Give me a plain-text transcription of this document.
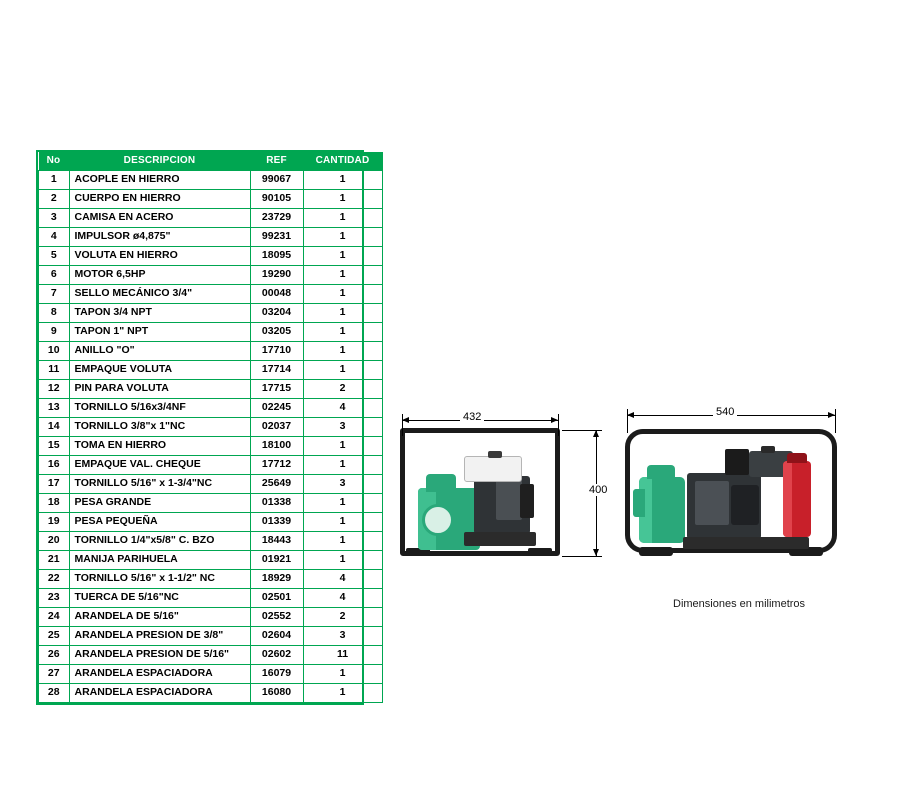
No	DESCRIPCION	REF	CANTIDAD
1	ACOPLE EN HIERRO	99067	1
2	CUERPO EN HIERRO	90105	1
3	CAMISA EN ACERO	23729	1
4	IMPULSOR ø4,875"	99231	1
5	VOLUTA EN HIERRO	18095	1
6	MOTOR 6,5HP	19290	1
7	SELLO MECÁNICO 3/4"	00048	1
8	TAPON 3/4 NPT	03204	1
9	TAPON 1" NPT	03205	1
10	ANILLO "O"	17710	1
11	EMPAQUE VOLUTA	17714	1
12	PIN PARA VOLUTA	17715	2
13	TORNILLO 5/16x3/4NF	02245	4
14	TORNILLO 3/8"x 1"NC	02037	3
15	TOMA EN HIERRO	18100	1
16	EMPAQUE VAL. CHEQUE	17712	1
17	TORNILLO 5/16" x 1-3/4"NC	25649	3
18	PESA GRANDE	01338	1
19	PESA PEQUEÑA	01339	1
20	TORNILLO 1/4"x5/8" C. BZO	18443	1
21	MANIJA PARIHUELA	01921	1
22	TORNILLO 5/16" x 1-1/2" NC	18929	4
23	TUERCA DE 5/16"NC	02501	4
24	ARANDELA DE 5/16"	02552	2
25	ARANDELA PRESION DE 3/8"	02604	3
26	ARANDELA PRESION DE 5/16"	02602	11
27	ARANDELA ESPACIADORA	16079	1
28	ARANDELA ESPACIADORA	16080	1
432
400
540
Dimensiones en milimetros
